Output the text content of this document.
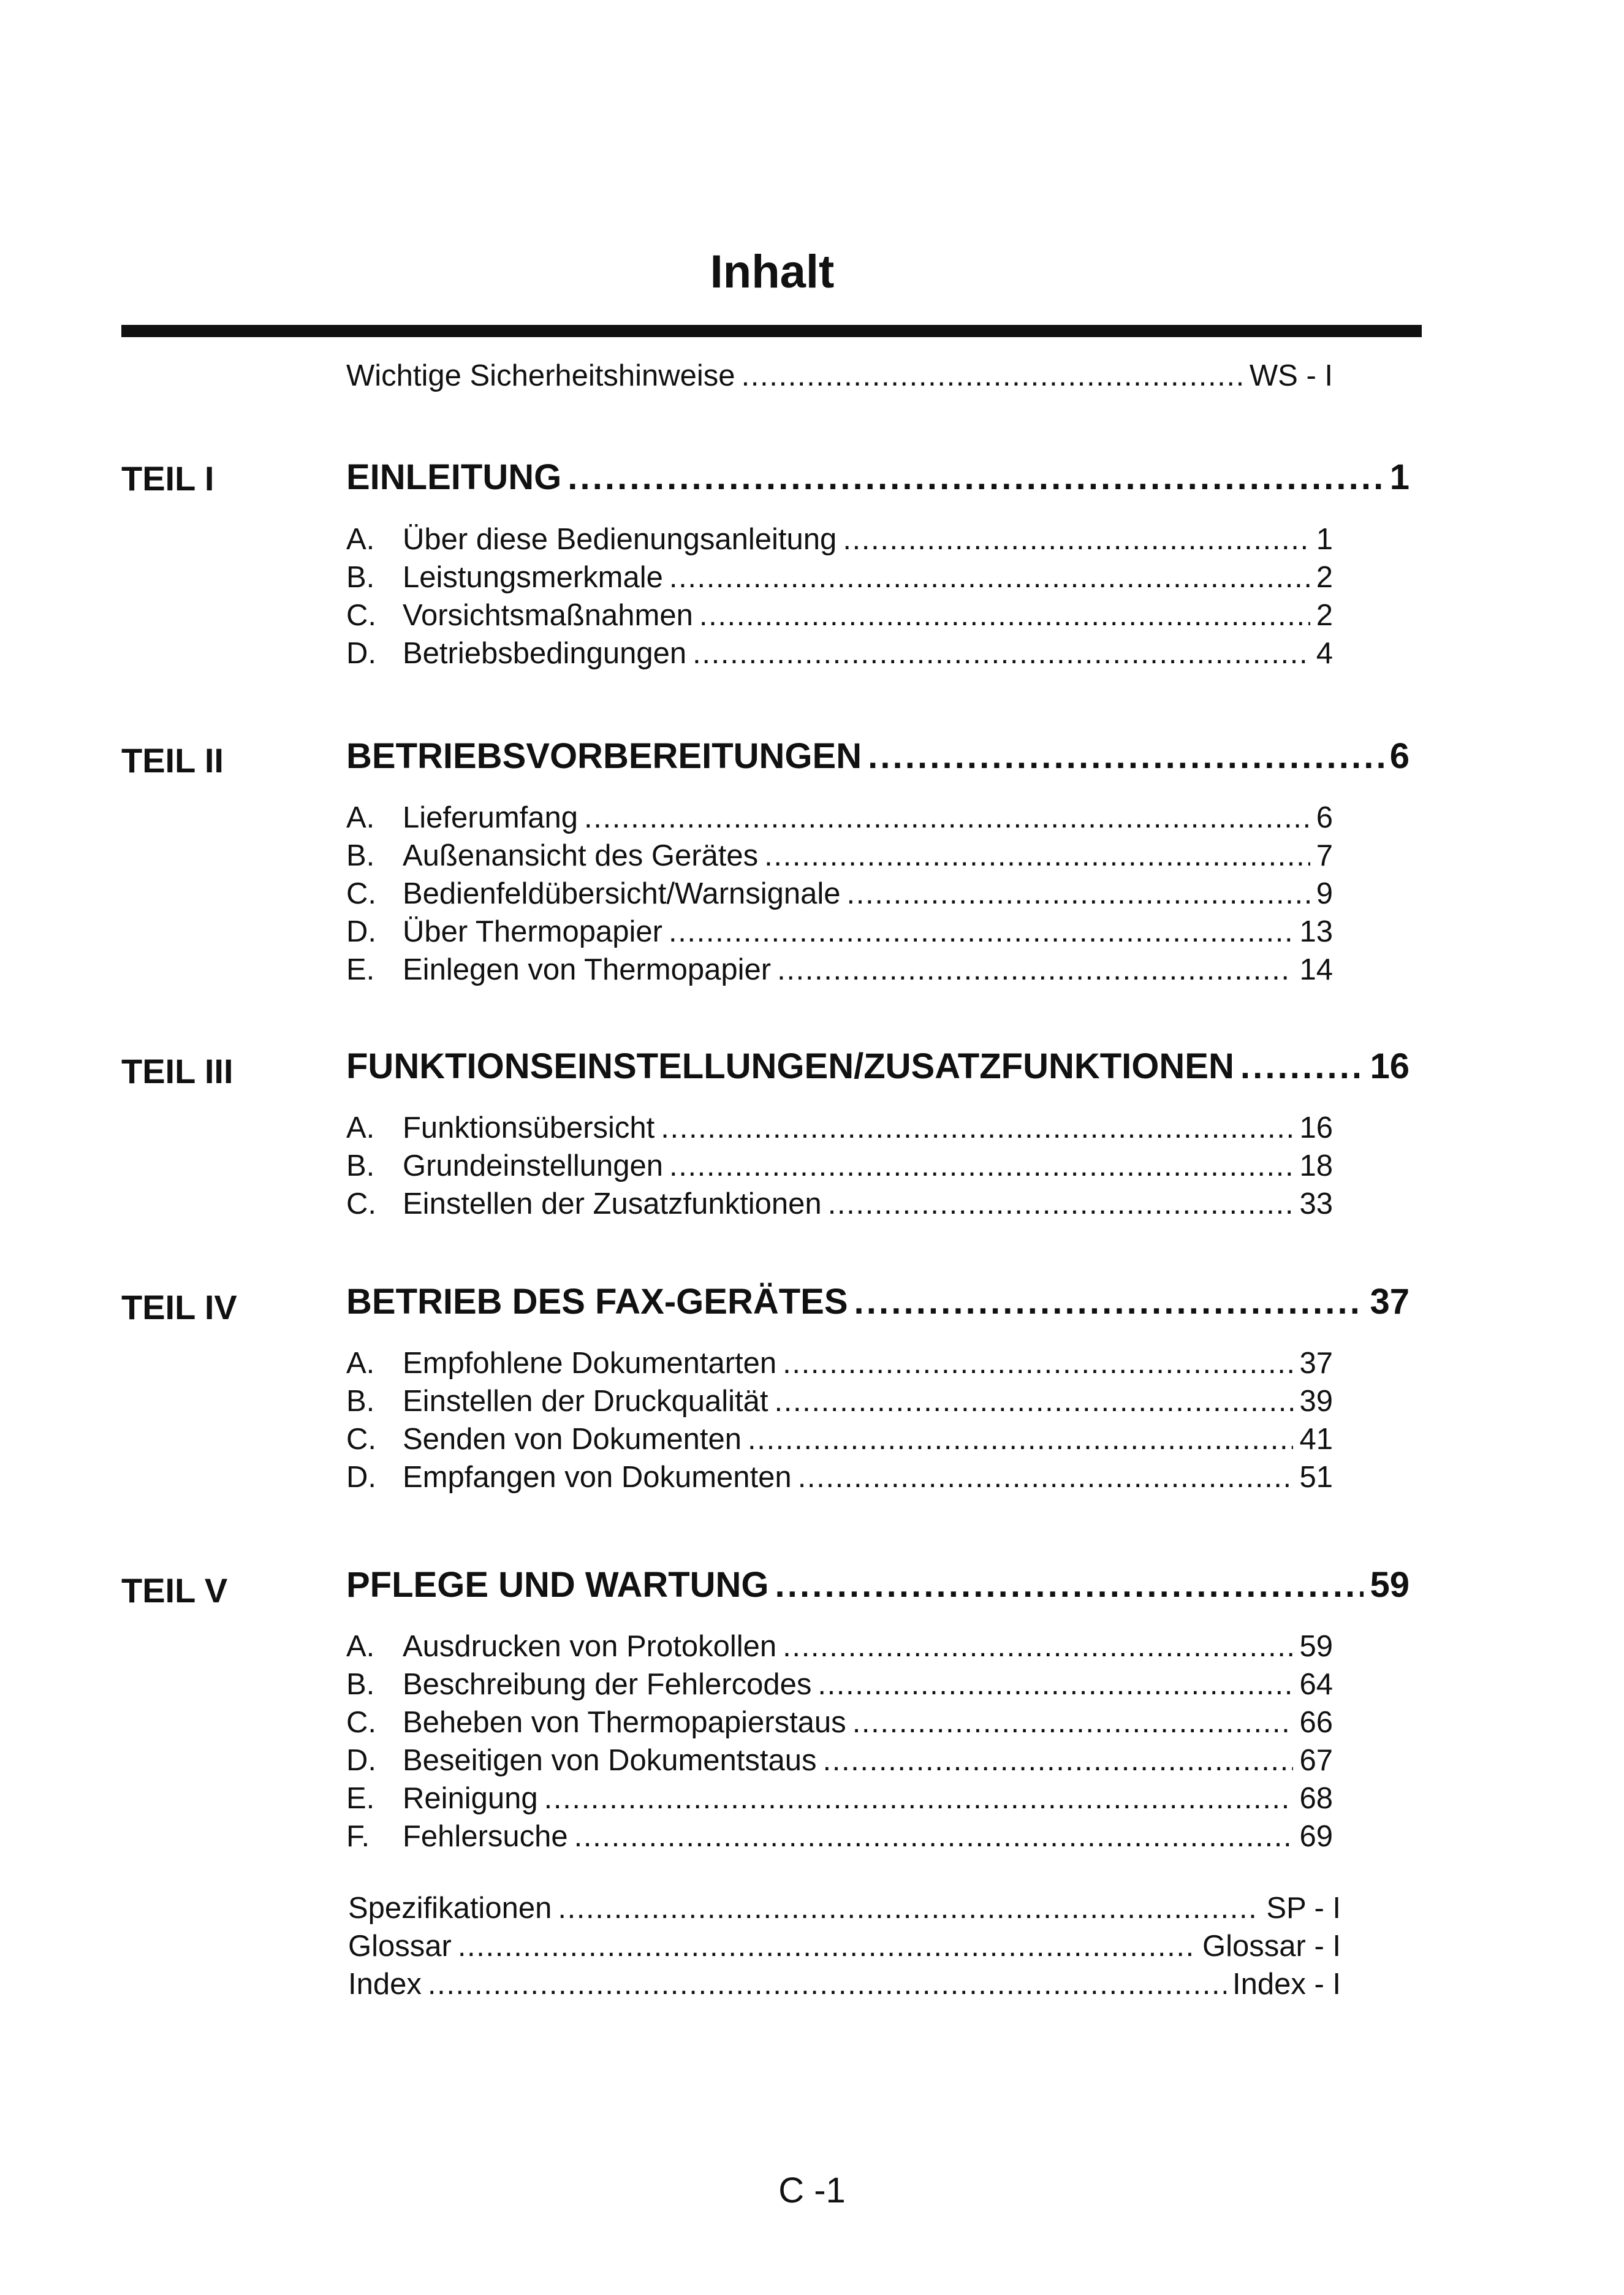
Inhalt
Wichtige Sicherheitshinweise . . .	WS - I
TEIL I	EINLEITUNG . . .	1
A. Über diese Bedienungsanleitung . . .	1
B. Leistungsmerkmale . . .	2
C. Vorsichtsmaßnahmen . . .	2
D. Betriebsbedingungen . . .	4
TEIL II	BETRIEBSVORBEREITUNGEN . . .	6
A. Lieferumfang . . .	6
B. Außenansicht des Gerätes . . .	7
C. Bedienfeldübersicht/Warnsignale . . .	9
D. Über Thermopapier . . .	13
E. Einlegen von Thermopapier . . .	14
TEIL III	FUNKTIONSEINSTELLUNGEN/ZUSATZFUNKTIONEN . . .	16
A. Funktionsübersicht . . .	16
B. Grundeinstellungen . . .	18
C. Einstellen der Zusatzfunktionen . . .	33
TEIL IV	BETRIEB DES FAX-GERÄTES . . .	37
A. Empfohlene Dokumentarten . . .	37
B. Einstellen der Druckqualität . . .	39
C. Senden von Dokumenten . . .	41
D. Empfangen von Dokumenten . . .	51
TEIL V	PFLEGE UND WARTUNG . . .	59
A. Ausdrucken von Protokollen . . .	59
B. Beschreibung der Fehlercodes . . .	64
C. Beheben von Thermopapierstaus . . .	66
D. Beseitigen von Dokumentstaus . . .	67
E. Reinigung . . .	68
F.	Fehlersuche . . .	69
Spezifikationen . . .	SP - I
Glossar . . .	Glossar - I
Index . . .	Index - I
C -1
